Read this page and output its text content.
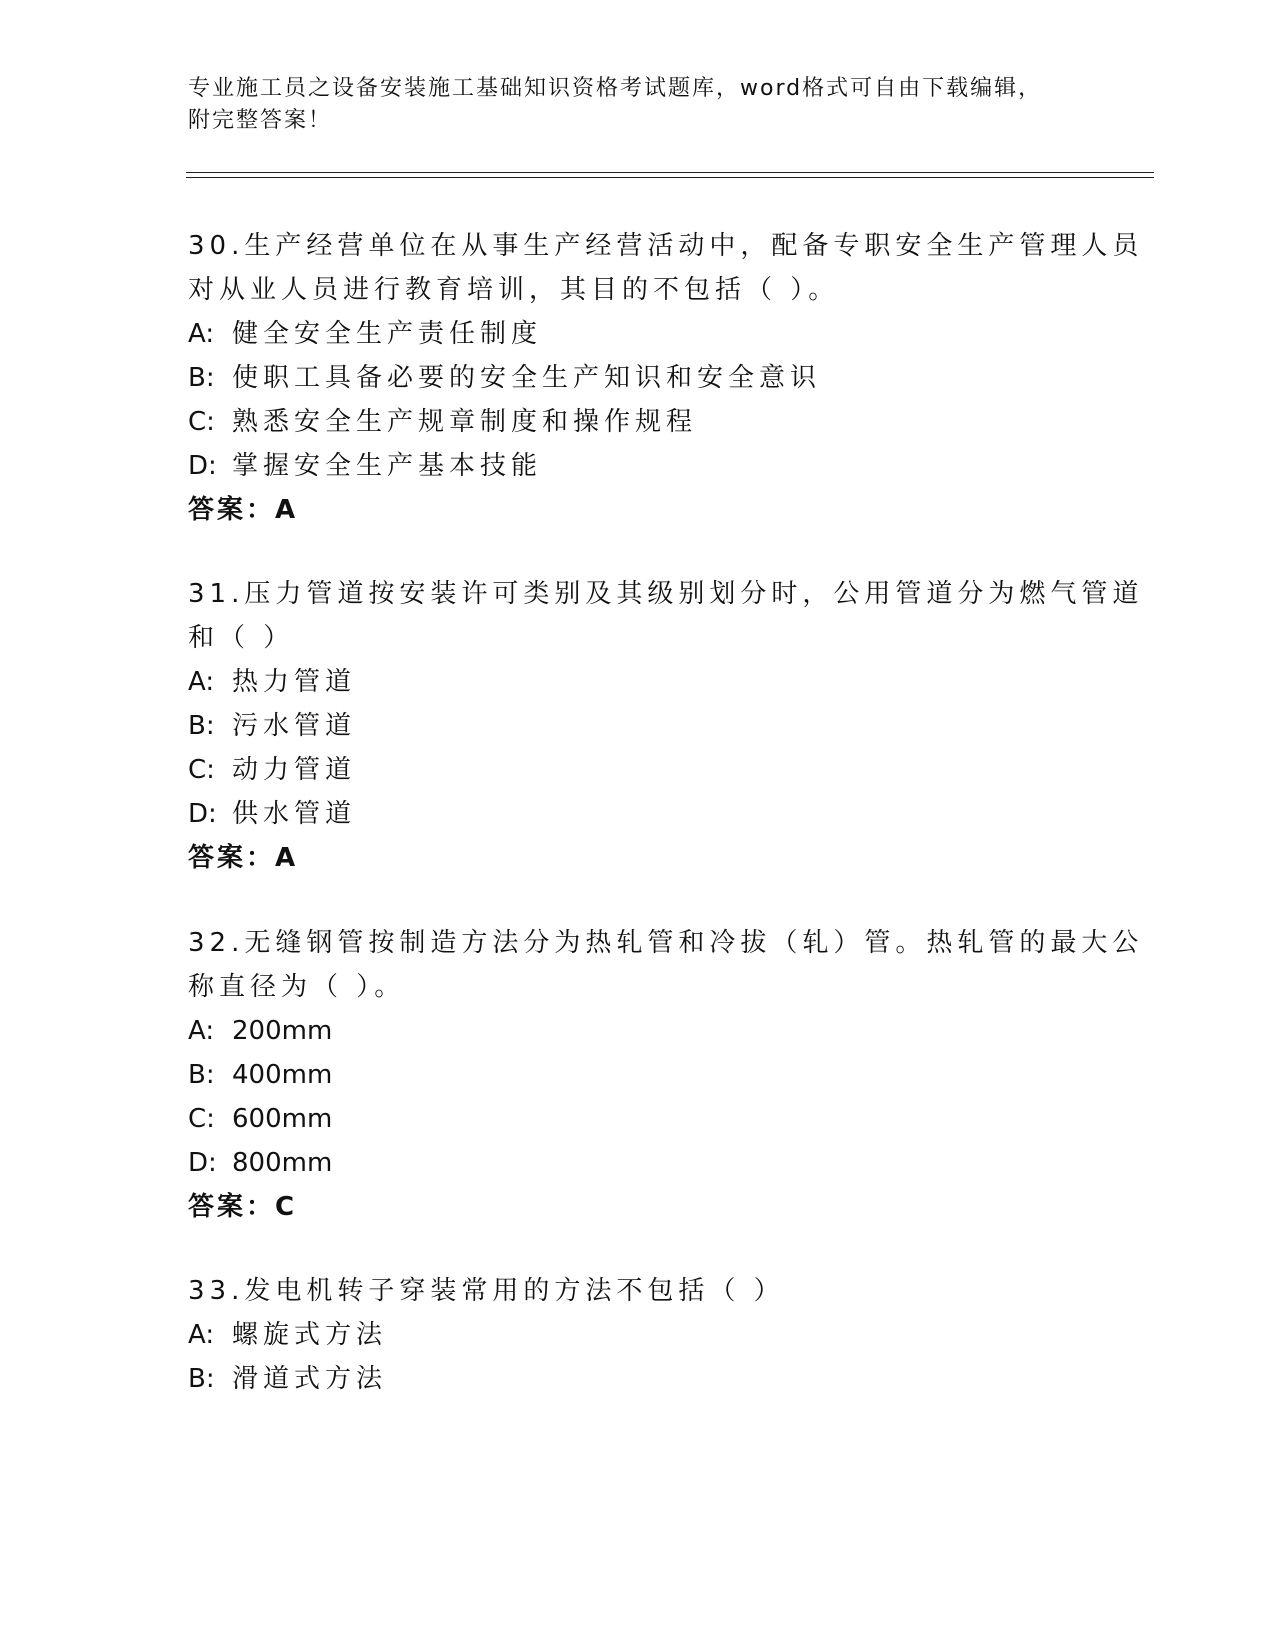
专业施工员之设备安装施工基础知识资格考试题库，word格式可自由下载编辑，
附完整答案！
30.生产经营单位在从事生产经营活动中，配备专职安全生产管理人员
对从业人员进行教育培训，其目的不包括（ ）。
A: 健全安全生产责任制度
B: 使职工具备必要的安全生产知识和安全意识
C: 熟悉安全生产规章制度和操作规程
D: 掌握安全生产基本技能
答案：A
31.压力管道按安装许可类别及其级别划分时，公用管道分为燃气管道
和（ ）
A: 热力管道
B: 污水管道
C: 动力管道
D: 供水管道
答案：A
32.无缝钢管按制造方法分为热轧管和冷拔（轧）管。热轧管的最大公
称直径为（ ）。
A: 200mm
B: 400mm
C: 600mm
D: 800mm
答案：C
33.发电机转子穿装常用的方法不包括（ ）
A: 螺旋式方法
B: 滑道式方法
